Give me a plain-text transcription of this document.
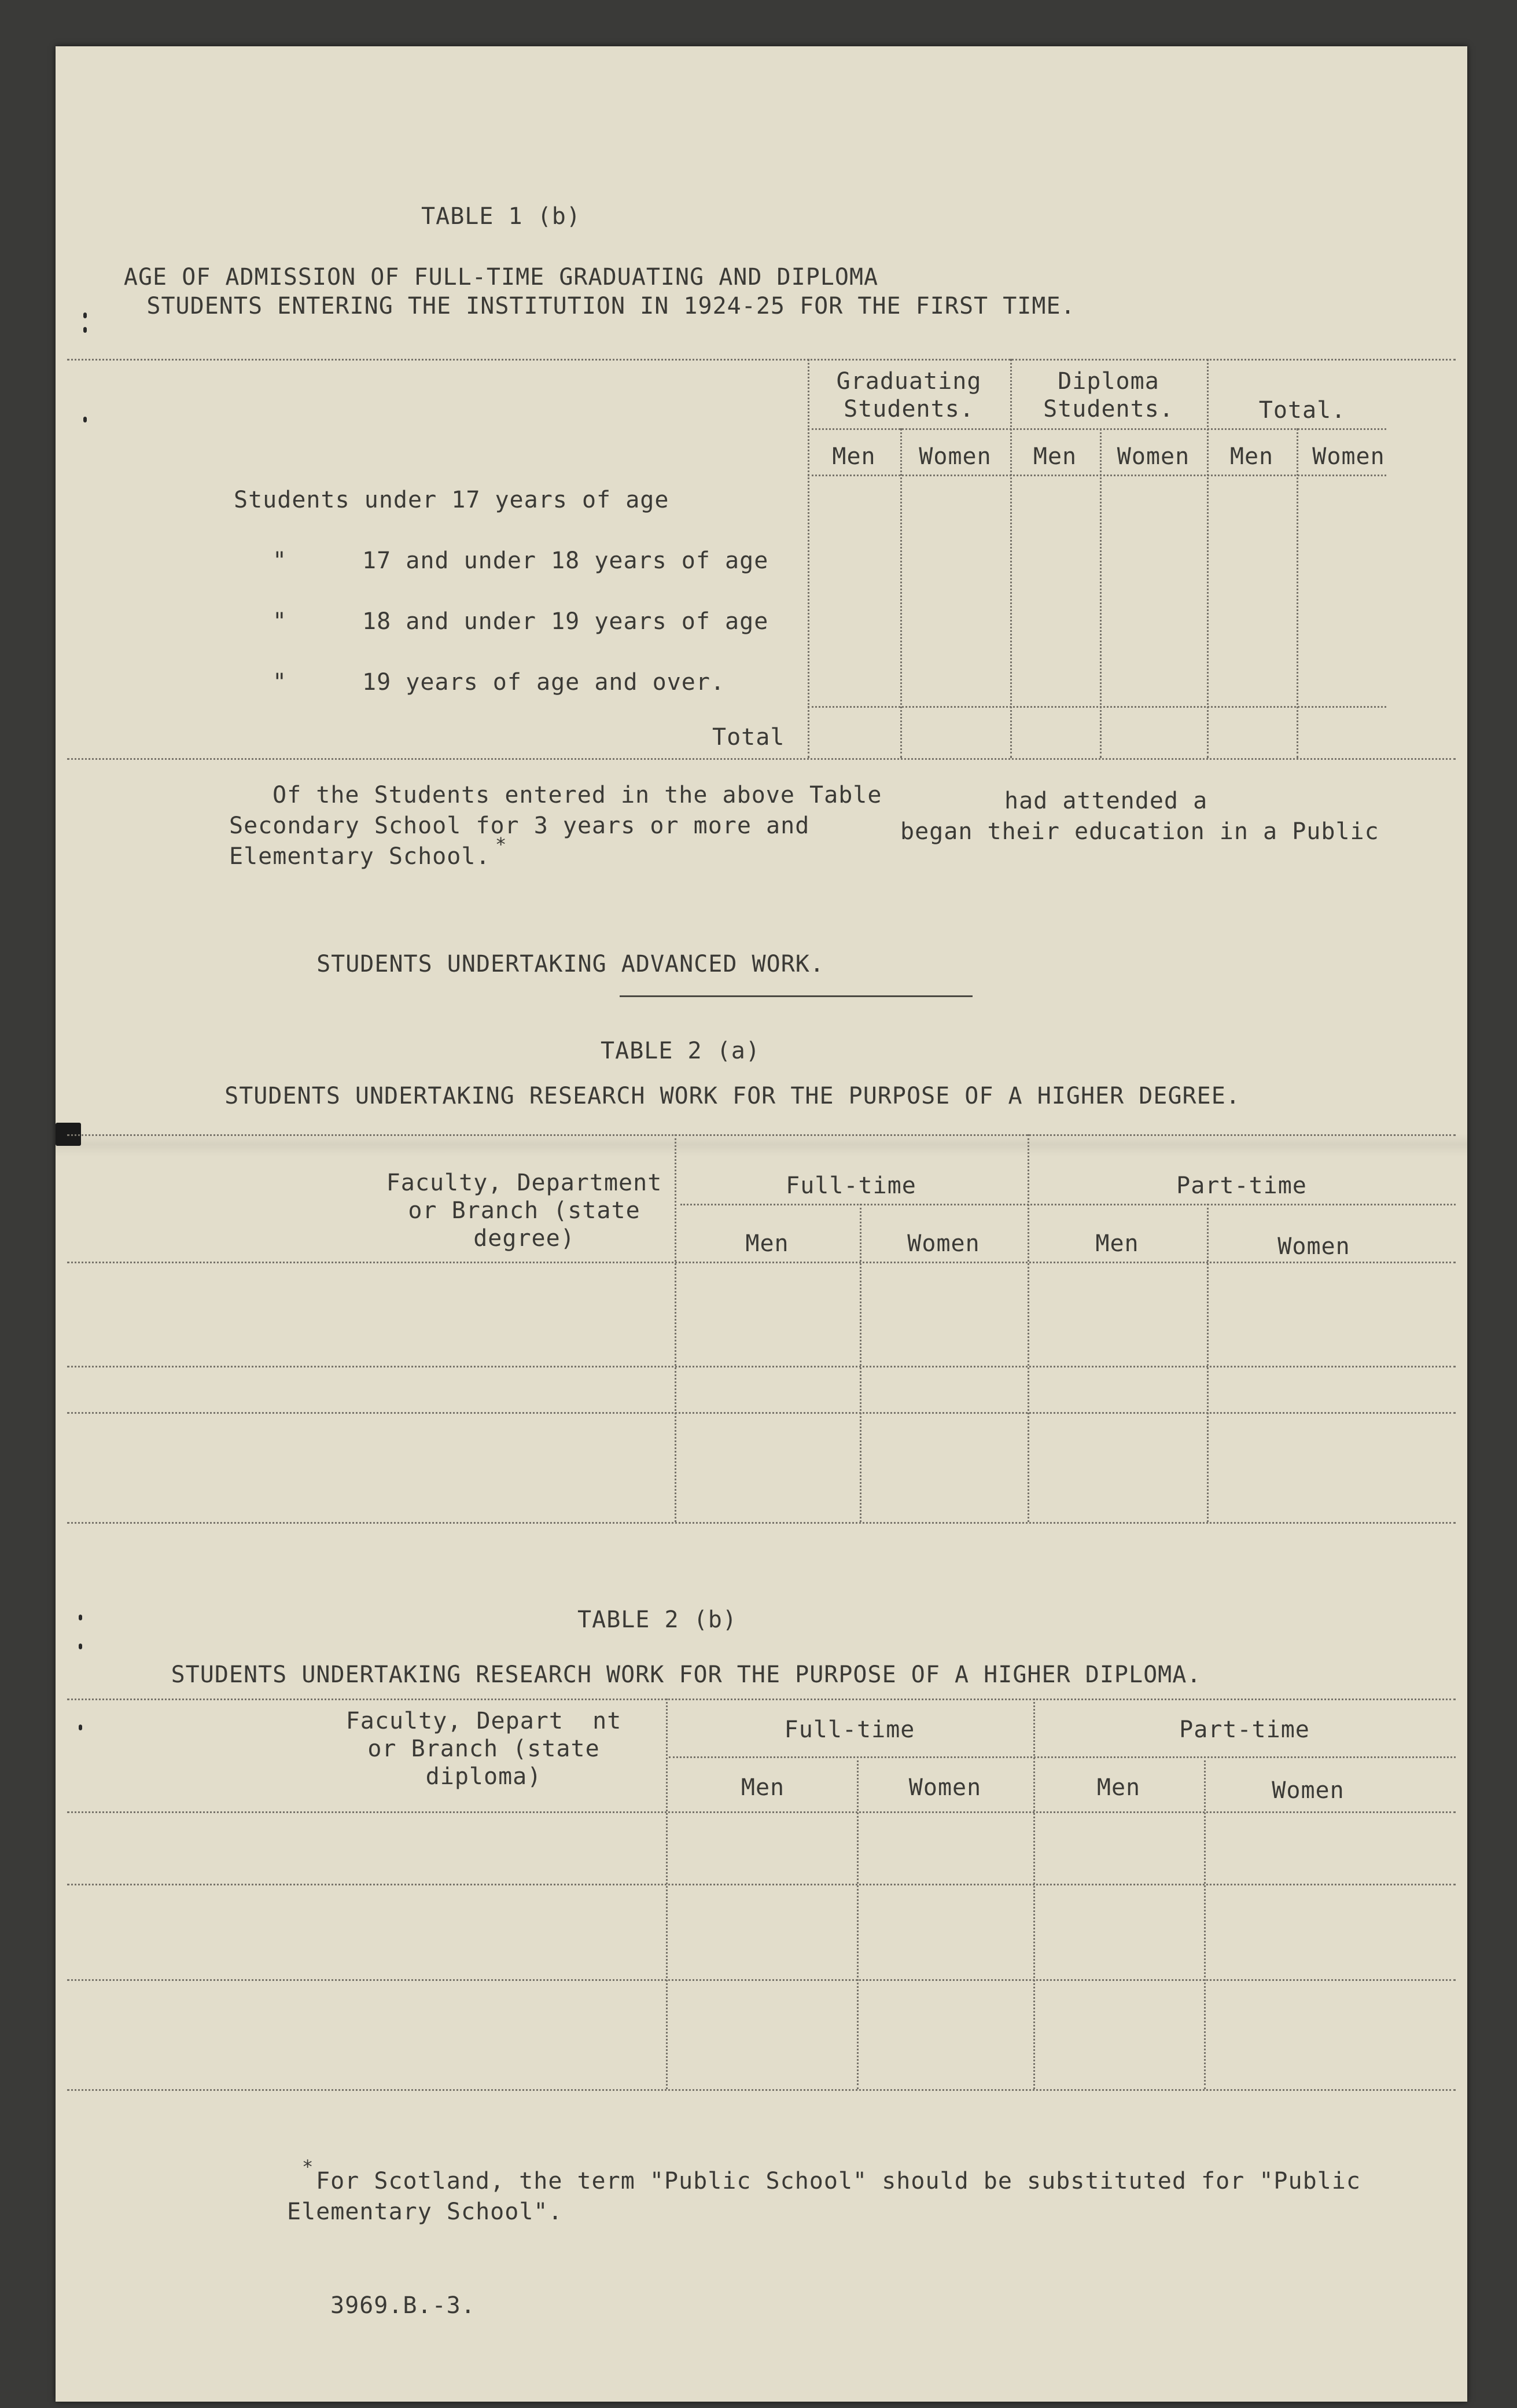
TABLE 1 (b)
AGE OF ADMISSION OF FULL-TIME GRADUATING AND DIPLOMA
STUDENTS ENTERING THE INSTITUTION IN 1924-25 FOR THE FIRST TIME.
Graduating
Students.
Diploma
Students.	Total.
Men	Women	Men	Women	Men	Women
Students under 17 years of age
"	17 and under 18 years of age
"	18 and under 19 years of age
"	19 years of age and over.
Total
Of the Students entered in the above Table	had attended a
Secondary School for 3 years or more and	began their education in a Public
Elementary School. *
STUDENTS UNDERTAKING ADVANCED WORK.
TABLE 2 (a)
STUDENTS UNDERTAKING RESEARCH WORK FOR THE PURPOSE OF A HIGHER DEGREE.
Faculty, Department
or Branch (state
degree)
Full-time	Part-time
Men	Women	Men	Women
TABLE 2 (b)
STUDENTS UNDERTAKING RESEARCH WORK FOR THE PURPOSE OF A HIGHER DIPLOMA.
Faculty, Depart  nt
or Branch (state
diploma)
Full-time	Part-time
Men	Women	Men	Women
*
For Scotland, the term "Public School" should be substituted for "Public
Elementary School".
3969.B.-3.
